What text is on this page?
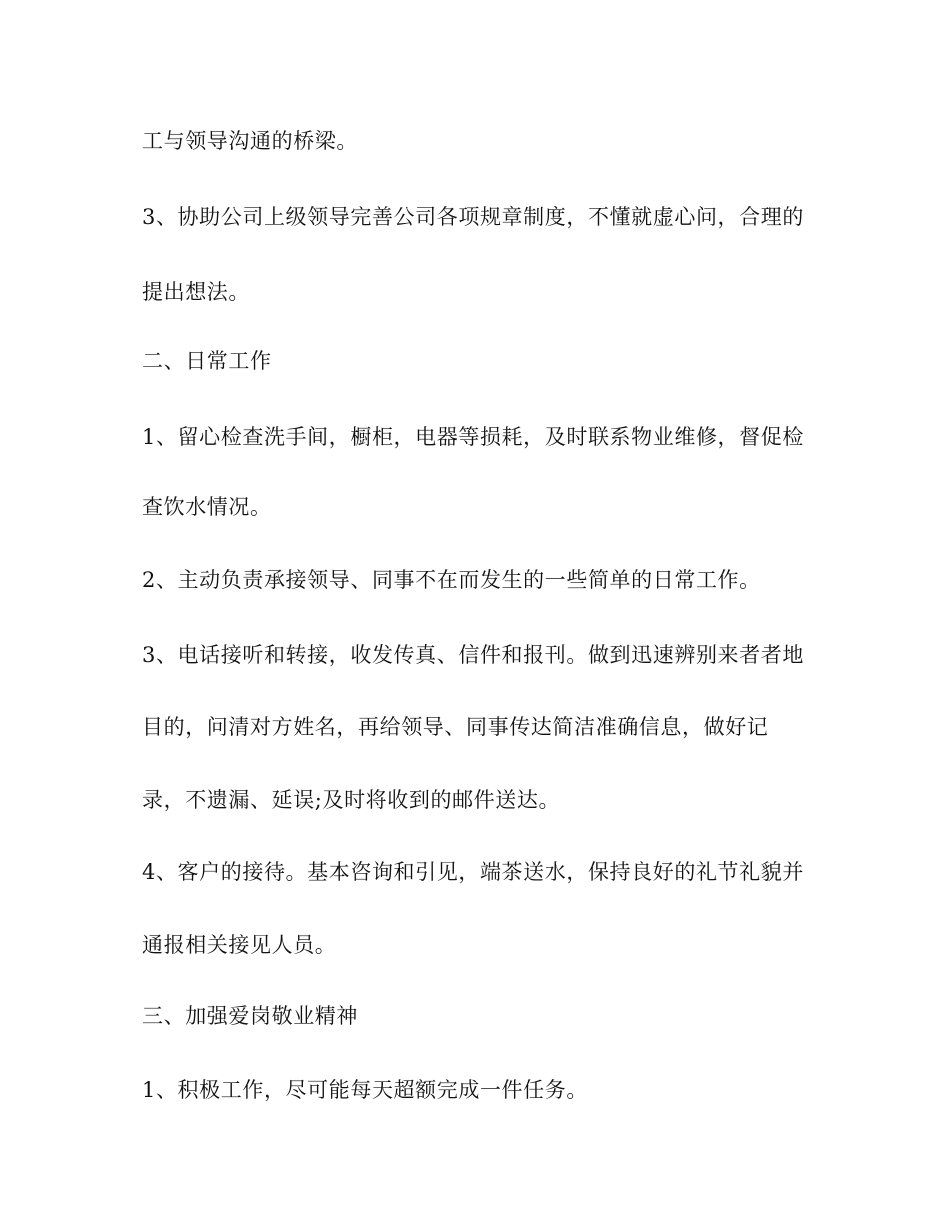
工与领导沟通的桥梁。
3、协助公司上级领导完善公司各项规章制度，不懂就虚心问，合理的
提出想法。
二、日常工作
1、留心检查洗手间，橱柜，电器等损耗，及时联系物业维修，督促检
查饮水情况。
2、主动负责承接领导、同事不在而发生的一些简单的日常工作。
3、电话接听和转接，收发传真、信件和报刊。做到迅速辨别来者者地
目的，问清对方姓名，再给领导、同事传达简洁准确信息，做好记
录，不遗漏、延误;及时将收到的邮件送达。
4、客户的接待。基本咨询和引见，端茶送水，保持良好的礼节礼貌并
通报相关接见人员。
三、加强爱岗敬业精神
1、积极工作，尽可能每天超额完成一件任务。
